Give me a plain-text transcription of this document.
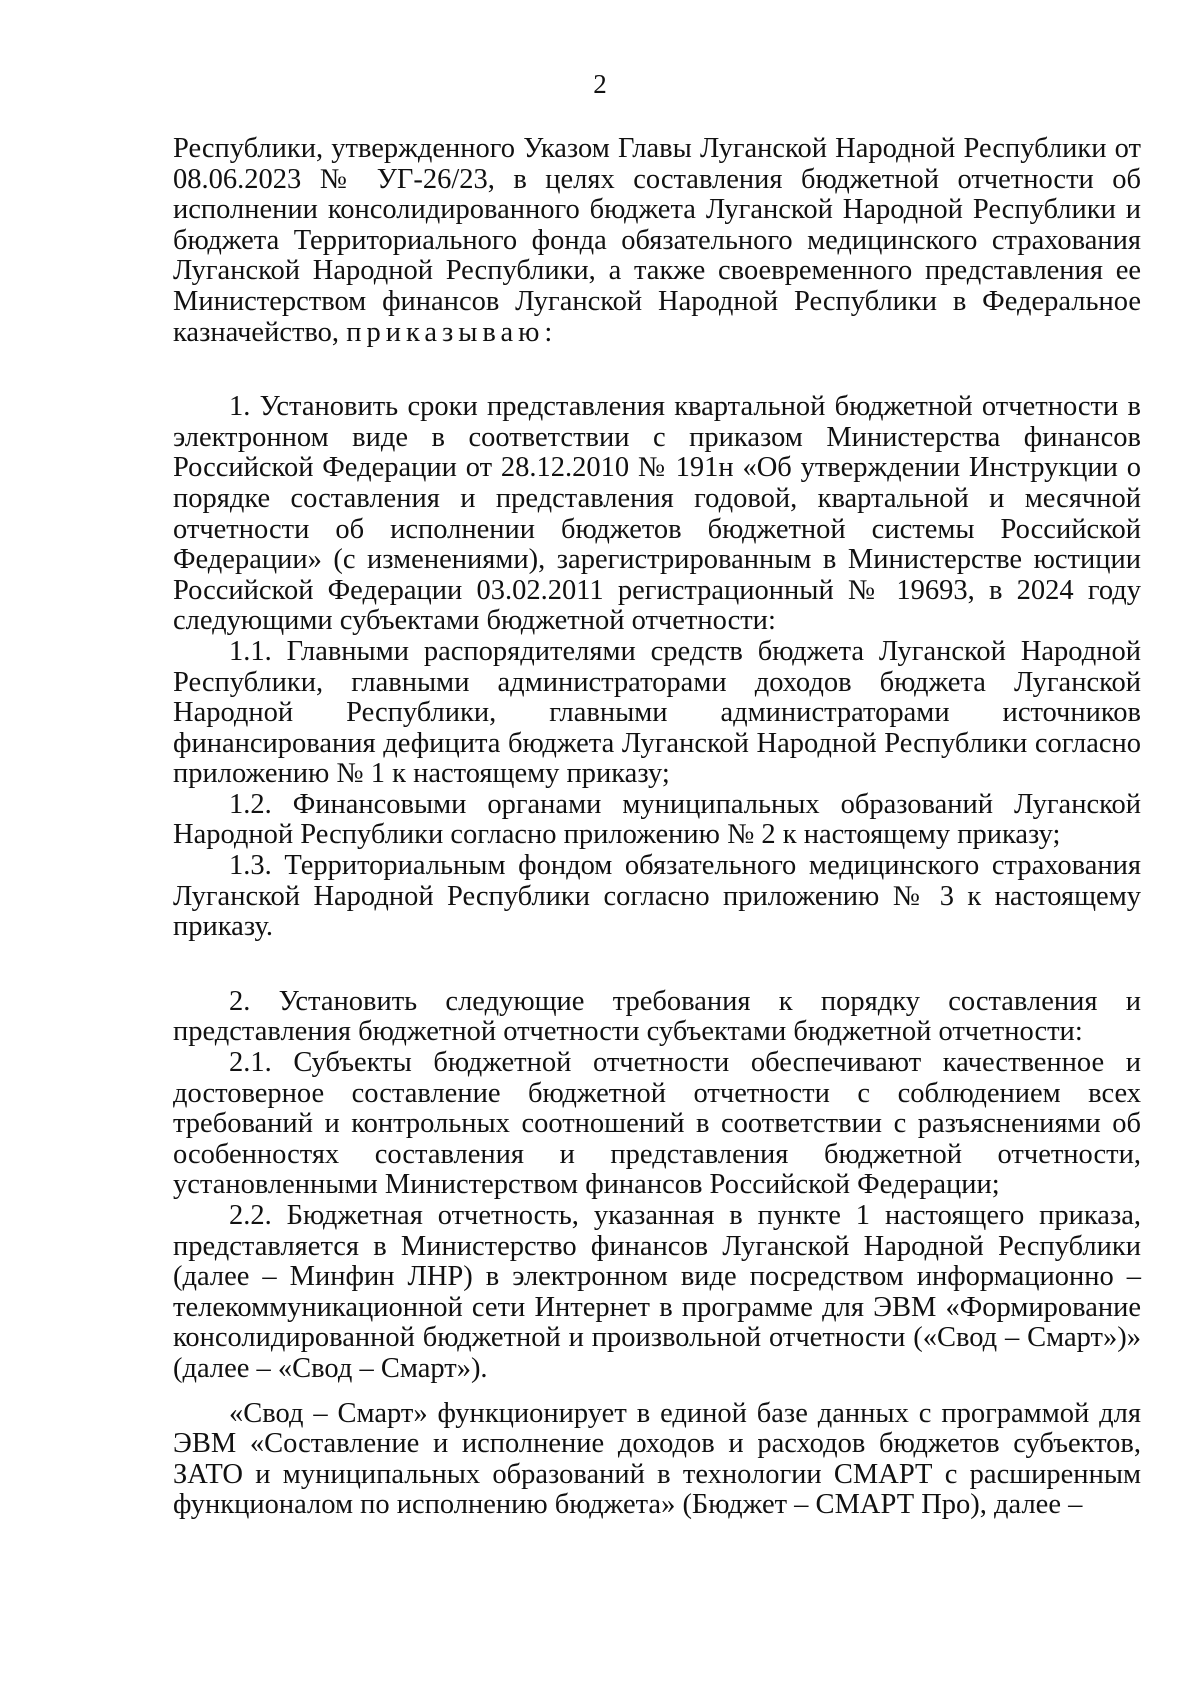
2

Республики, утвержденного Указом Главы Луганской Народной Республики от 08.06.2023 № УГ-26/23, в целях составления бюджетной отчетности об исполнении консолидированного бюджета Луганской Народной Республики и бюджета Территориального фонда обязательного медицинского страхования Луганской Народной Республики, а также своевременного представления ее Министерством финансов Луганской Народной Республики в Федеральное казначейство, приказываю:

1. Установить сроки представления квартальной бюджетной отчетности в электронном виде в соответствии с приказом Министерства финансов Российской Федерации от 28.12.2010 № 191н «Об утверждении Инструкции о порядке составления и представления годовой, квартальной и месячной отчетности об исполнении бюджетов бюджетной системы Российской Федерации» (с изменениями), зарегистрированным в Министерстве юстиции Российской Федерации 03.02.2011 регистрационный № 19693, в 2024 году следующими субъектами бюджетной отчетности:

1.1. Главными распорядителями средств бюджета Луганской Народной Республики, главными администраторами доходов бюджета Луганской Народной Республики, главными администраторами источников финансирования дефицита бюджета Луганской Народной Республики согласно приложению № 1 к настоящему приказу;

1.2. Финансовыми органами муниципальных образований Луганской Народной Республики согласно приложению № 2 к настоящему приказу;

1.3. Территориальным фондом обязательного медицинского страхования Луганской Народной Республики согласно приложению № 3 к настоящему приказу.

2. Установить следующие требования к порядку составления и представления бюджетной отчетности субъектами бюджетной отчетности:

2.1. Субъекты бюджетной отчетности обеспечивают качественное и достоверное составление бюджетной отчетности с соблюдением всех требований и контрольных соотношений в соответствии с разъяснениями об особенностях составления и представления бюджетной отчетности, установленными Министерством финансов Российской Федерации;

2.2. Бюджетная отчетность, указанная в пункте 1 настоящего приказа, представляется в Министерство финансов Луганской Народной Республики (далее – Минфин ЛНР) в электронном виде посредством информационно – телекоммуникационной сети Интернет в программе для ЭВМ «Формирование консолидированной бюджетной и произвольной отчетности («Свод – Смарт»)» (далее – «Свод – Смарт»).

«Свод – Смарт» функционирует в единой базе данных с программой для ЭВМ «Составление и исполнение доходов и расходов бюджетов субъектов, ЗАТО и муниципальных образований в технологии СМАРТ с расширенным функционалом по исполнению бюджета» (Бюджет – СМАРТ Про), далее –
